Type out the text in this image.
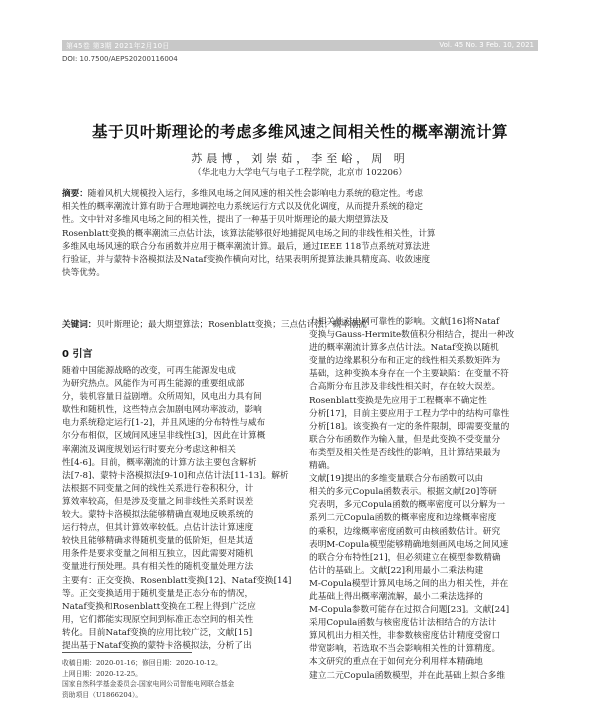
第45卷 第3期 2021年2月10日	Vol. 45 No. 3 Feb. 10, 2021
DOI: 10.7500/AEPS20200116004
基于贝叶斯理论的考虑多维风速之间相关性的概率潮流计算
苏晨博，刘崇茹，李至峪，周 明
（华北电力大学电气与电子工程学院，北京市 102206）
摘要：随着风机大规模投入运行，多维风电场之间风速的相关性会影响电力系统的稳定性。考虑
相关性的概率潮流计算有助于合理地调控电力系统运行方式以及优化调度，从而提升系统的稳定
性。文中针对多维风电场之间的相关性，提出了一种基于贝叶斯理论的最大期望算法及
Rosenblatt变换的概率潮流三点估计法，该算法能够很好地捕捉风电场之间的非线性相关性，计算
多维风电场风速的联合分布函数并应用于概率潮流计算。最后，通过IEEE 118节点系统对算法进
行验证，并与蒙特卡洛模拟法及Nataf变换作横向对比，结果表明所提算法兼具精度高、收敛速度
快等优势。
关键词：贝叶斯理论；最大期望算法；Rosenblatt变换；三点估计法；概率潮流
0 引言
随着中国能源战略的改变，可再生能源发电成
为研究热点。风能作为可再生能源的重要组成部
分，装机容量日益剧增。众所周知，风电出力具有间
歇性和随机性，这些特点会加剧电网功率波动，影响
电力系统稳定运行[1-2]，并且风速的分布特性与威布
尔分布相似，区域间风速呈非线性[3]，因此在计算概
率潮流及调度规划运行时要充分考虑这种相关
性[4-6]。目前，概率潮流的计算方法主要包含解析
法[7-8]、蒙特卡洛模拟法[9-10]和点估计法[11-13]。解析
法根据不同变量之间的线性关系进行卷积积分，计
算效率较高，但是涉及变量之间非线性关系时误差
较大。蒙特卡洛模拟法能够精确直观地反映系统的
运行特点，但其计算效率较低。点估计法计算速度
较快且能够精确求得随机变量的低阶矩，但是其适
用条件是要求变量之间相互独立，因此需要对随机
变量进行预处理。具有相关性的随机变量处理方法
主要有：正交变换、Rosenblatt变换[12]、Nataf变换[14]
等。正交变换适用于随机变量是正态分布的情况，
Nataf变换和Rosenblatt变换在工程上得到广泛应
用，它们都能实现原空间到标准正态空间的相关性
转化。目前Nataf变换的应用比较广泛，文献[15]
提出基于Nataf变换的蒙特卡洛模拟法，分析了出
力相关性对电网可靠性的影响。文献[16]将Nataf
变换与Gauss-Hermite数值积分相结合，提出一种改
进的概率潮流计算多点估计法。Nataf变换以随机
变量的边缘累积分布和正定的线性相关系数矩阵为
基础，这种变换本身存在一个主要缺陷：在变量不符
合高斯分布且涉及非线性相关时，存在较大误差。
Rosenblatt变换是先应用于工程概率不确定性
分析[17]，目前主要应用于工程力学中的结构可靠性
分析[18]。该变换有一定的条件限制，即需要变量的
联合分布函数作为输入量，但是此变换不受变量分
布类型及相关性是否线性的影响，且计算结果最为
精确。
文献[19]提出的多维变量联合分布函数可以由
相关的多元Copula函数表示。根据文献[20]等研
究表明，多元Copula函数的概率密度可以分解为一
系列二元Copula函数的概率密度和边缘概率密度
的乘积，边缘概率密度函数可由核函数估计。研究
表明M-Copula模型能够精确地刻画风电场之间风速
的联合分布特性[21]，但必须建立在模型参数精确
估计的基础上。文献[22]利用最小二乘法构建
M-Copula模型计算风电场之间的出力相关性，并在
此基础上得出概率潮流解，最小二乘法选择的
M-Copula参数可能存在过拟合问题[23]。文献[24]
采用Copula函数与核密度估计法相结合的方法计
算风机出力相关性，非参数核密度估计精度受窗口
带宽影响，若选取不当会影响相关性的计算精度。
本文研究的重点在于如何充分利用样本精确地
建立二元Copula函数模型，并在此基础上拟合多维
收稿日期：2020-01-16；修回日期：2020-10-12。
上网日期：2020-12-25。
国家自然科学基金委员会-国家电网公司智能电网联合基金
资助项目（U1866204）。
